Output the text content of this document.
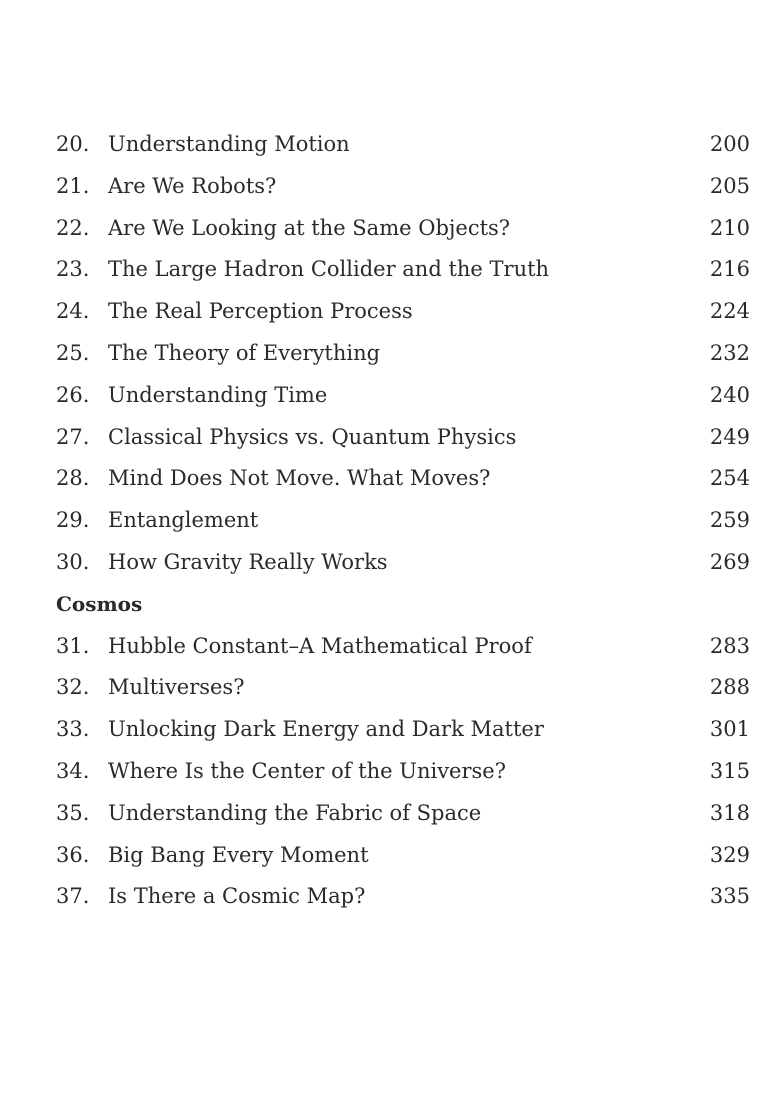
20. Understanding Motion	200
21. Are We Robots?	205
22. Are We Looking at the Same Objects?	210
23. The Large Hadron Collider and the Truth	216
24. The Real Perception Process	224
25. The Theory of Everything	232
26. Understanding Time	240
27. Classical Physics vs. Quantum Physics	249
28. Mind Does Not Move. What Moves?	254
29. Entanglement	259
30. How Gravity Really Works	269
Cosmos
31. Hubble Constant–A Mathematical Proof	283
32. Multiverses?	288
33. Unlocking Dark Energy and Dark Matter	301
34. Where Is the Center of the Universe?	315
35. Understanding the Fabric of Space	318
36. Big Bang Every Moment	329
37. Is There a Cosmic Map?	335
